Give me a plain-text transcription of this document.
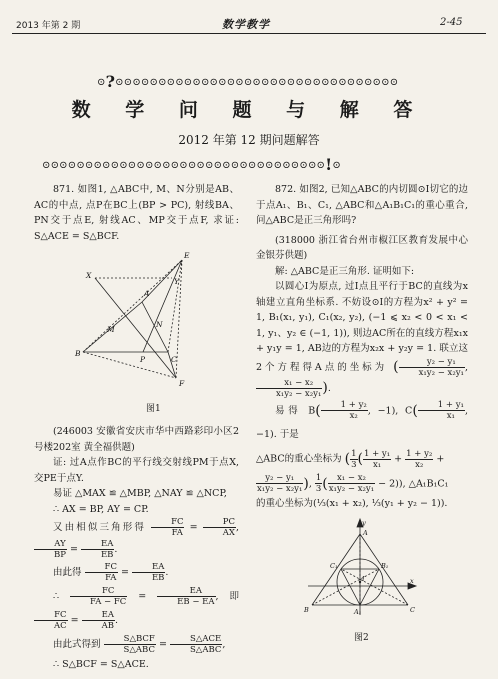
2013 年第 2 期	数学教学	2-45
⊙?⊙⊙⊙⊙⊙⊙⊙⊙⊙⊙⊙⊙⊙⊙⊙⊙⊙⊙⊙⊙⊙⊙⊙⊙⊙⊙⊙⊙⊙⊙⊙⊙⊙
数 学 问 题 与 解 答
2012 年第 12 期问题解答
⊙⊙⊙⊙⊙⊙⊙⊙⊙⊙⊙⊙⊙⊙⊙⊙⊙⊙⊙⊙⊙⊙⊙⊙⊙⊙⊙⊙⊙⊙⊙⊙⊙!⊙

871. 如图1, △ABC中, M、N分别是AB、AC的中点, 点P在BC上(BP > PC), 射线BA、PN交于点E, 射线AC、MP交于点F, 求证: S△ACE = S△BCF.

E
A
X
Y
M
N
B
P	C
F
图1

(246003 安徽省安庆市华中西路彩印小区2号楼202室 黄全福供题)

证: 过A点作BC的平行线交射线PM于点X, 交PE于点Y.

易证 △MAX ≌ △MBP, △NAY ≌ △NCP,

∴ AX = BP, AY = CP.

又由相似三角形得 $\frac{FC}{FA} = \frac{PC}{AX}$ ,
$\frac{AY}{BP} = \frac{EA}{EB}$ .

由此得 $\frac{FC}{FA} = \frac{EA}{EB}$ .

∴ $\frac{FC}{FA - FC} = \frac{EA}{EB - EA}$ , 即
$\frac{FC}{AC} = \frac{EA}{AB}$ .

由此式得到 $\frac{\text{S△BCF}}{\text{S△ABC}} = \frac{\text{S△ACE}}{\text{S△ABC}}$ ,

∴ S△BCF = S△ACE.

872. 如图2, 已知△ABC的内切圆⊙I切它的边于点A₁、B₁、C₁, △ABC和△A₁B₁C₁的重心重合, 问△ABC是正三角形吗?

(318000 浙江省台州市椒江区教育发展中心 金银芬供题)

解: △ABC是正三角形. 证明如下:

以圆心I为原点, 过I点且平行于BC的直线为x轴建立直角坐标系. 不妨设⊙I的方程为x² + y² = 1, B₁(x₁, y₁), C₁(x₂, y₂), (−1 ⩽ x₂ < 0 < x₁ < 1, y₁、y₂ ∈ (−1, 1)), 则边AC所在的直线方程x₁x + y₁y = 1, AB边的方程为x₂x + y₂y = 1. 联立这2个方程得A点的坐标为 ( $\frac{\text{y₂ − y₁}}{\text{x₁y₂ − x₂y₁}}$ ,
$\frac{\text{x₁ − x₂}}{\text{x₁y₂ − x₂y₁}}$ ).

易得 $B( \frac{\text{1 + y₂}}{\text{x₂}}$ , −1), $C( \frac{\text{1 + y₁}}{\text{x₁}}$ , −1). 于是

△ABC的重心坐标为 ( $\frac{1}{3}$ ( $\frac{\text{1 + y₁}}{\text{x₁}} + \frac{\text{1 + y₂}}{\text{x₂}}$ +

$\frac{\text{y₂ − y₁}}{\text{x₁y₂ − x₂y₁}}$ ), $\frac{1}{3}$ ( $\frac{\text{x₁ − x₂}}{\text{x₁y₂ − x₂y₁}} - 2$)), △A₁B₁C₁

的重心坐标为(⅓(x₁ + x₂), ⅓(y₁ + y₂ − 1)).

y
A
C₁	B₁
I	x
B	A₁	C
图2
